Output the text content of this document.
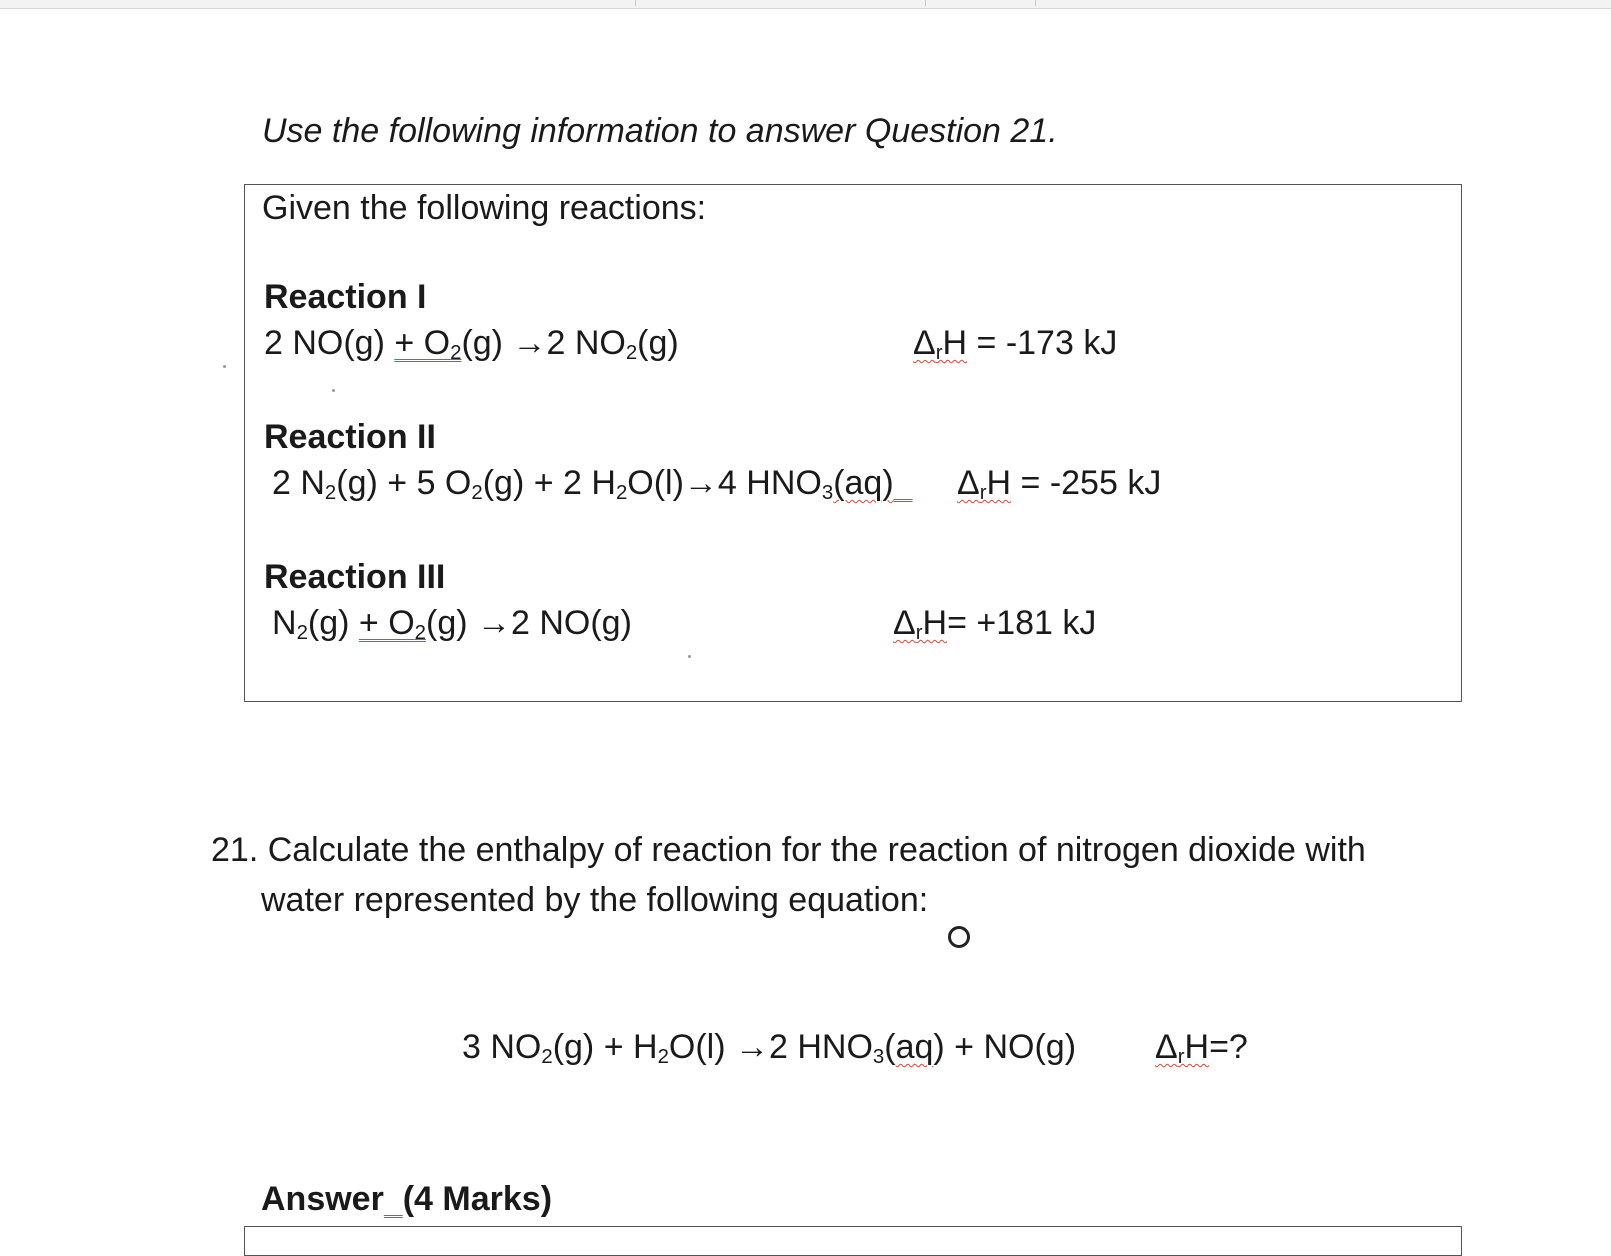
Use the following information to answer Question 21.
Given the following reactions:
Reaction I
2 $NO(g) + O_2(g) \to 2$ $NO_2(g)$	$\Delta_rH = -173$ kJ
Reaction II
2 $N_2(g) + 5$ $O_2(g) + 2$ $H_2O(l)\to 4$ $HNO_3(aq)$	$\Delta_rH = -255$ kJ
Reaction III
$N_2(g) + O_2(g) \to 2$ NO(g)	$\Delta_rH= +181$ kJ
21. Calculate the enthalpy of reaction for the reaction of nitrogen dioxide with
water represented by the following equation:
3 $NO_2(g) + H_2O(l) \to 2$ $HNO_3(aq) + NO(g)$ $\Delta_rH=$?
Answer (4 Marks)
